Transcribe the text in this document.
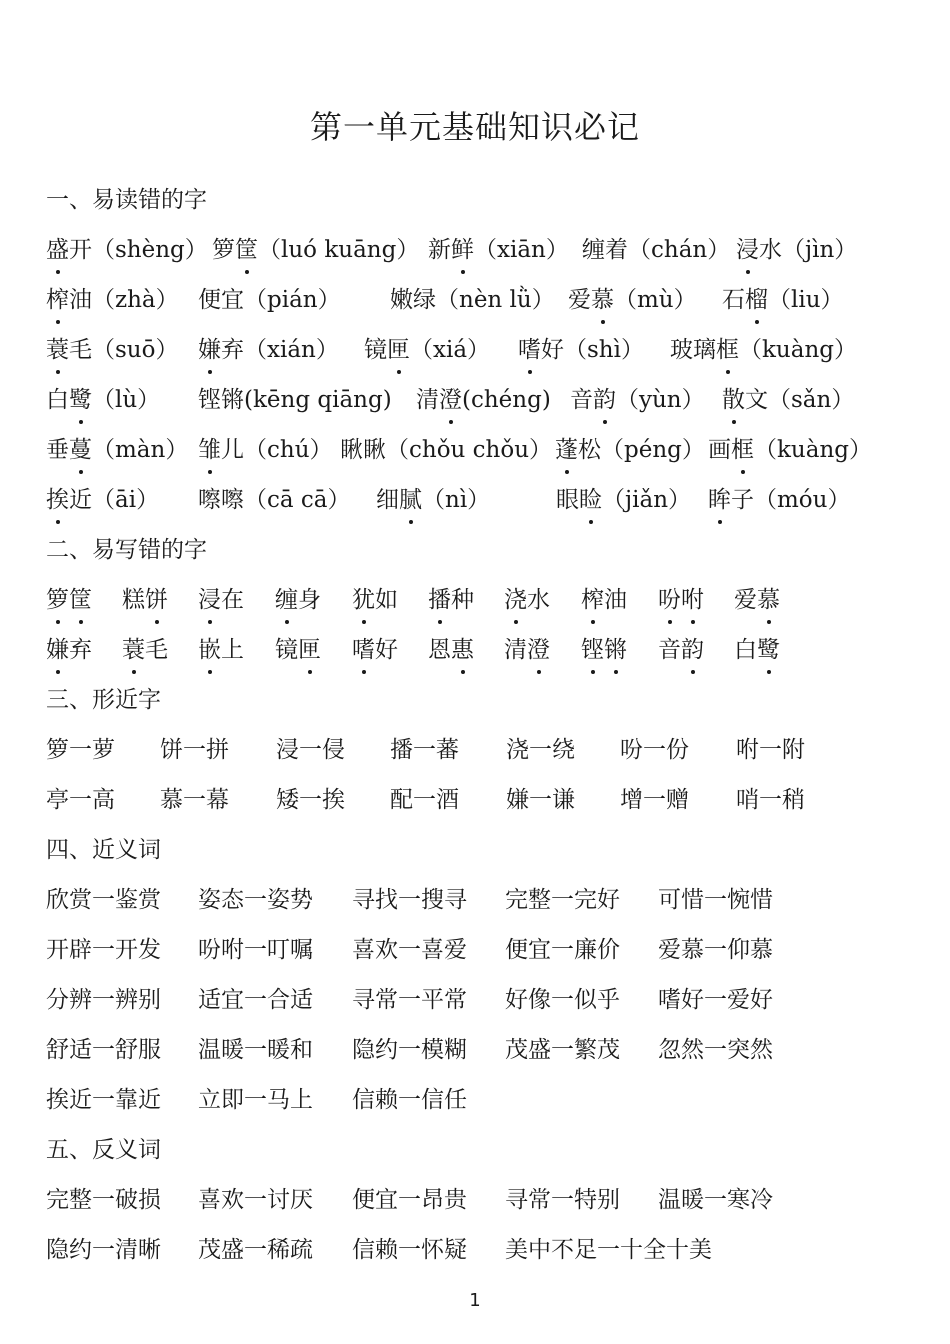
第一单元基础知识必记
一、易读错的字
盛开（shèng） 箩筐（luó kuāng） 新鲜（xiān） 缠着（chán） 浸水（jìn）
榨油（zhà） 便宜（pián） 嫩绿（nèn lǜ） 爱慕（mù） 石榴（liu）
蓑毛（suō） 嫌弃（xián） 镜匣（xiá） 嗜好（shì） 玻璃框（kuàng）
白鹭（lù） 铿锵(kēng qiāng) 清澄(chéng) 音韵（yùn） 散文（sǎn）
垂蔓（màn） 雏儿（chú） 瞅瞅（chǒu chǒu） 蓬松（péng） 画框（kuàng）
挨近（āi） 嚓嚓（cā cā） 细腻（nì）	眼睑（jiǎn） 眸子（móu）
二、易写错的字
箩筐 糕饼 浸在 缠身 犹如 播种 浇水 榨油 吩咐 爱慕
嫌弃 蓑毛 嵌上 镜匣 嗜好 恩惠 清澄 铿锵 音韵 白鹭
三、形近字
箩一萝 饼一拼 浸一侵 播一蕃 浇一绕 吩一份 咐一附
亭一高 慕一幕 矮一挨 配一酒 嫌一谦 增一赠 哨一稍
四、近义词
欣赏一鉴赏 姿态一姿势 寻找一搜寻 完整一完好 可惜一惋惜
开辟一开发 吩咐一叮嘱 喜欢一喜爱 便宜一廉价 爱慕一仰慕
分辨一辨别 适宜一合适 寻常一平常 好像一似乎 嗜好一爱好
舒适一舒服 温暖一暖和 隐约一模糊 茂盛一繁茂 忽然一突然
挨近一靠近 立即一马上 信赖一信任
五、反义词
完整一破损 喜欢一讨厌 便宜一昂贵 寻常一特别 温暖一寒冷
隐约一清晰 茂盛一稀疏 信赖一怀疑 美中不足一十全十美
1
